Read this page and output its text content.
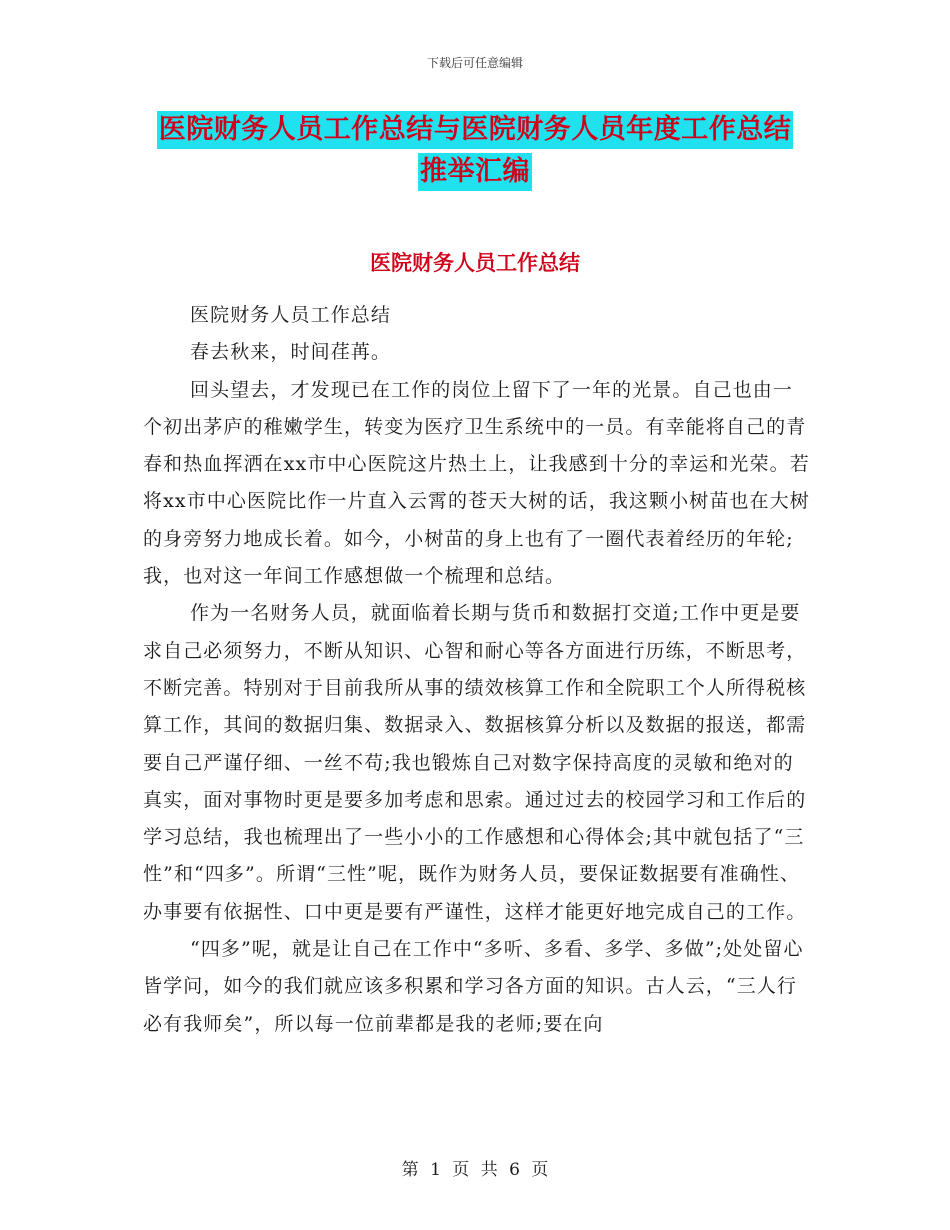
下载后可任意编辑
医院财务人员工作总结与医院财务人员年度工作总结
推举汇编
医院财务人员工作总结

医院财务人员工作总结

春去秋来，时间荏苒。

回头望去，才发现已在工作的岗位上留下了一年的光景。自己也由一个初出茅庐的稚嫩学生，转变为医疗卫生系统中的一员。有幸能将自己的青春和热血挥洒在xx市中心医院这片热土上，让我感到十分的幸运和光荣。若将xx市中心医院比作一片直入云霄的苍天大树的话，我这颗小树苗也在大树的身旁努力地成长着。如今，小树苗的身上也有了一圈代表着经历的年轮;我，也对这一年间工作感想做一个梳理和总结。

作为一名财务人员，就面临着长期与货币和数据打交道;工作中更是要求自己必须努力，不断从知识、心智和耐心等各方面进行历练，不断思考，不断完善。特别对于目前我所从事的绩效核算工作和全院职工个人所得税核算工作，其间的数据归集、数据录入、数据核算分析以及数据的报送，都需要自己严谨仔细、一丝不苟;我也锻炼自己对数字保持高度的灵敏和绝对的真实，面对事物时更是要多加考虑和思索。通过过去的校园学习和工作后的学习总结，我也梳理出了一些小小的工作感想和心得体会;其中就包括了“三性”和“四多”。所谓“三性”呢，既作为财务人员，要保证数据要有准确性、办事要有依据性、口中更是要有严谨性，这样才能更好地完成自己的工作。

“四多”呢，就是让自己在工作中“多听、多看、多学、多做”;处处留心皆学问，如今的我们就应该多积累和学习各方面的知识。古人云，“三人行必有我师矣”，所以每一位前辈都是我的老师;要在向

第 1 页 共 6 页
